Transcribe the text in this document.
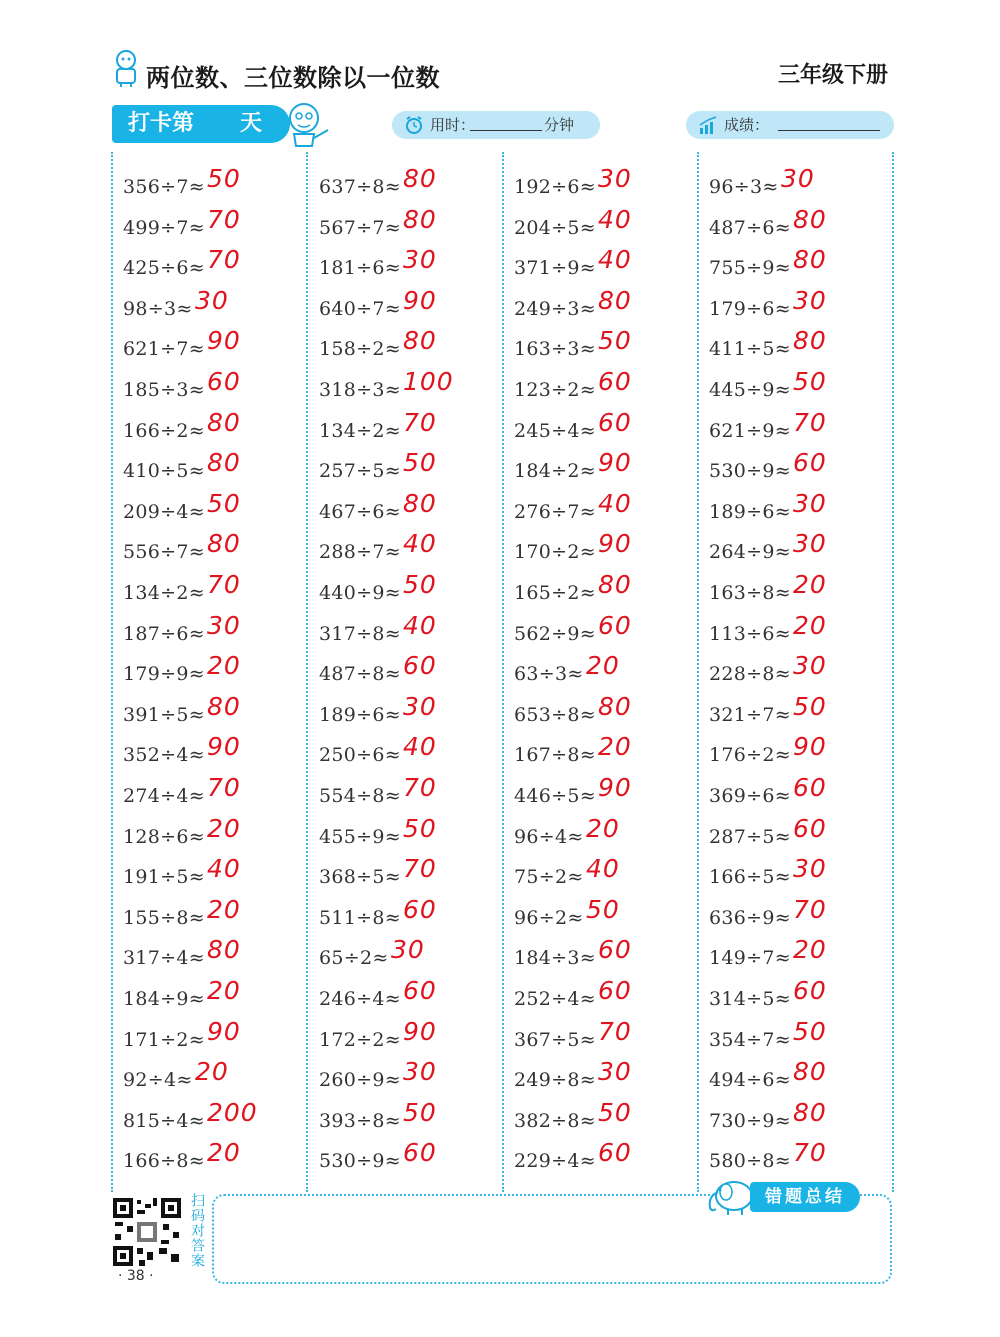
两位数、三位数除以一位数	三年级下册
打卡第 天	用时：	分钟	成绩：
356÷7≈ 50
499÷7≈ 70
425÷6≈ 70
98÷3≈ 30
621÷7≈ 90
185÷3≈ 60
166÷2≈ 80
410÷5≈ 80
209÷4≈ 50
556÷7≈ 80
134÷2≈ 70
187÷6≈ 30
179÷9≈ 20
391÷5≈ 80
352÷4≈ 90
274÷4≈ 70
128÷6≈ 20
191÷5≈ 40
155÷8≈ 20
317÷4≈ 80
184÷9≈ 20
171÷2≈ 90
92÷4≈ 20
815÷4≈ 200
166÷8≈ 20
637÷8≈ 80
567÷7≈ 80
181÷6≈ 30
640÷7≈ 90
158÷2≈ 80
318÷3≈ 100
134÷2≈ 70
257÷5≈ 50
467÷6≈ 80
288÷7≈ 40
440÷9≈ 50
317÷8≈ 40
487÷8≈ 60
189÷6≈ 30
250÷6≈ 40
554÷8≈ 70
455÷9≈ 50
368÷5≈ 70
511÷8≈ 60
65÷2≈ 30
246÷4≈ 60
172÷2≈ 90
260÷9≈ 30
393÷8≈ 50
530÷9≈ 60
192÷6≈ 30
204÷5≈ 40
371÷9≈ 40
249÷3≈ 80
163÷3≈ 50
123÷2≈ 60
245÷4≈ 60
184÷2≈ 90
276÷7≈ 40
170÷2≈ 90
165÷2≈ 80
562÷9≈ 60
63÷3≈ 20
653÷8≈ 80
167÷8≈ 20
446÷5≈ 90
96÷4≈ 20
75÷2≈ 40
96÷2≈ 50
184÷3≈ 60
252÷4≈ 60
367÷5≈ 70
249÷8≈ 30
382÷8≈ 50
229÷4≈ 60
96÷3≈ 30
487÷6≈ 80
755÷9≈ 80
179÷6≈ 30
411÷5≈ 80
445÷9≈ 50
621÷9≈ 70
530÷9≈ 60
189÷6≈ 30
264÷9≈ 30
163÷8≈ 20
113÷6≈ 20
228÷8≈ 30
321÷7≈ 50
176÷2≈ 90
369÷6≈ 60
287÷5≈ 60
166÷5≈ 30
636÷9≈ 70
149÷7≈ 20
314÷5≈ 60
354÷7≈ 50
494÷6≈ 80
730÷9≈ 80
580÷8≈ 70
扫码对答案
· 38 ·
错题总结
